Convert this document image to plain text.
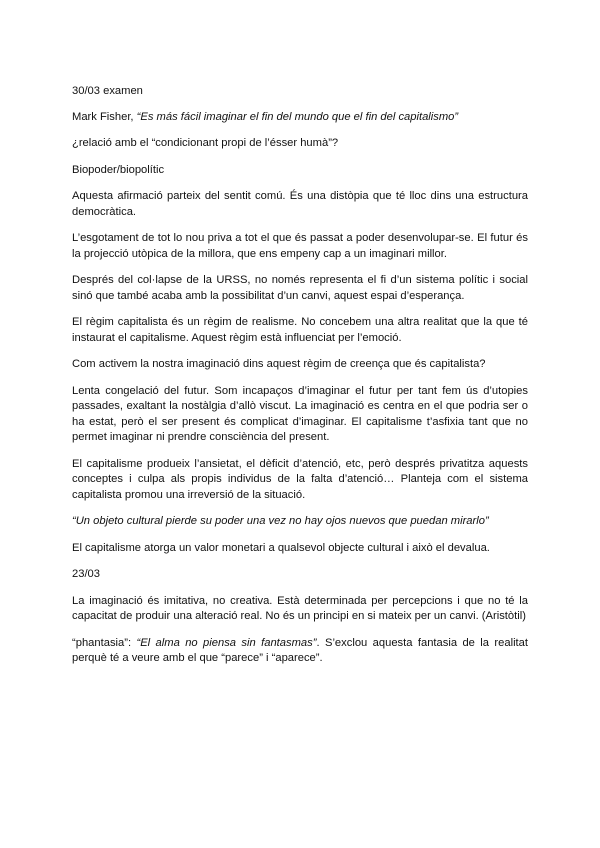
30/03 examen

Mark Fisher, “Es más fácil imaginar el fin del mundo que el fin del capitalismo”

¿relació amb el “condicionant propi de l’ésser humà”?

Biopoder/biopolític

Aquesta afirmació parteix del sentit comú. És una distòpia que té lloc dins una estructura democràtica.

L’esgotament de tot lo nou priva a tot el que és passat a poder desenvolupar-se. El futur és la projecció utòpica de la millora, que ens empeny cap a un imaginari millor.

Després del col·lapse de la URSS, no només representa el fi d’un sistema polític i social sinó que també acaba amb la possibilitat d’un canvi, aquest espai d’esperança.

El règim capitalista és un règim de realisme. No concebem una altra realitat que la que té instaurat el capitalisme. Aquest règim està influenciat per l’emoció.

Com activem la nostra imaginació dins aquest règim de creença que és capitalista?

Lenta congelació del futur. Som incapaços d’imaginar el futur per tant fem ús d’utopies passades, exaltant la nostàlgia d’allò viscut. La imaginació es centra en el que podria ser o ha estat, però el ser present és complicat d’imaginar. El capitalisme t’asfixia tant que no permet imaginar ni prendre consciència del present.

El capitalisme produeix l’ansietat, el dèficit d’atenció, etc, però després privatitza aquests conceptes i culpa als propis individus de la falta d’atenció… Planteja com el sistema capitalista promou una irreversió de la situació.

“Un objeto cultural pierde su poder una vez no hay ojos nuevos que puedan mirarlo”

El capitalisme atorga un valor monetari a qualsevol objecte cultural i això el devalua.

23/03

La imaginació és imitativa, no creativa. Està determinada per percepcions i que no té la capacitat de produir una alteració real. No és un principi en si mateix per un canvi. (Aristòtil)

“phantasia”: “El alma no piensa sin fantasmas”. S’exclou aquesta fantasia de la realitat perquè té a veure amb el que “parece” i “aparece”.
